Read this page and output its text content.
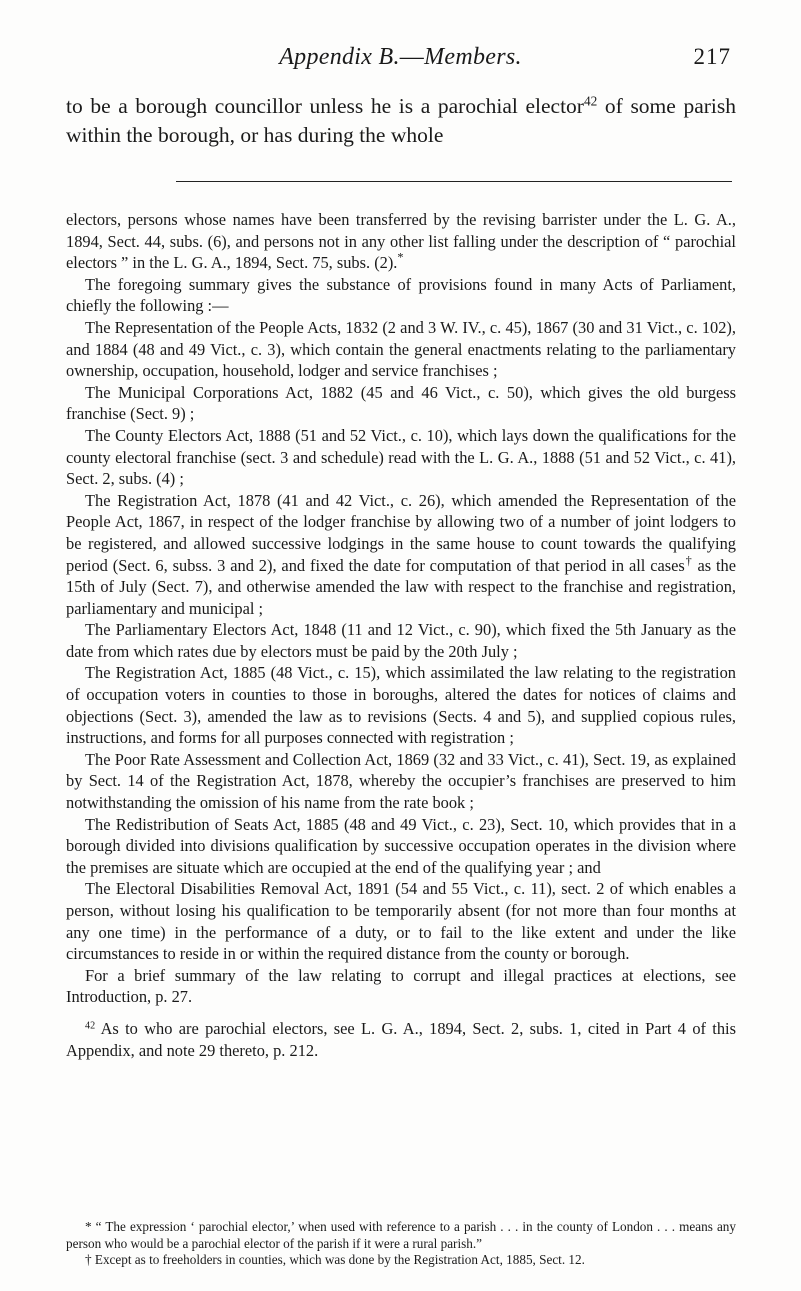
Appendix B.—Members.	217

to be a borough councillor unless he is a parochial elector$^{42}$ of some parish within the borough, or has during the whole

electors, persons whose names have been transferred by the revising barrister under the L. G. A., 1894, Sect. 44, subs. (6), and persons not in any other list falling under the description of “ parochial electors ” in the L. G. A., 1894, Sect. 75, subs. (2).*

The foregoing summary gives the substance of provisions found in many Acts of Parliament, chiefly the following :—

The Representation of the People Acts, 1832 (2 and 3 W. IV., c. 45), 1867 (30 and 31 Vict., c. 102), and 1884 (48 and 49 Vict., c. 3), which contain the general enactments relating to the parliamentary ownership, occupation, household, lodger and service franchises ;

The Municipal Corporations Act, 1882 (45 and 46 Vict., c. 50), which gives the old burgess franchise (Sect. 9) ;

The County Electors Act, 1888 (51 and 52 Vict., c. 10), which lays down the qualifications for the county electoral franchise (sect. 3 and schedule) read with the L. G. A., 1888 (51 and 52 Vict., c. 41), Sect. 2, subs. (4) ;

The Registration Act, 1878 (41 and 42 Vict., c. 26), which amended the Representation of the People Act, 1867, in respect of the lodger franchise by allowing two of a number of joint lodgers to be registered, and allowed successive lodgings in the same house to count towards the qualifying period (Sect. 6, subss. 3 and 2), and fixed the date for computation of that period in all cases† as the 15th of July (Sect. 7), and otherwise amended the law with respect to the franchise and registration, parliamentary and municipal ;

The Parliamentary Electors Act, 1848 (11 and 12 Vict., c. 90), which fixed the 5th January as the date from which rates due by electors must be paid by the 20th July ;

The Registration Act, 1885 (48 Vict., c. 15), which assimilated the law relating to the registration of occupation voters in counties to those in boroughs, altered the dates for notices of claims and objections (Sect. 3), amended the law as to revisions (Sects. 4 and 5), and supplied copious rules, instructions, and forms for all purposes connected with registration ;

The Poor Rate Assessment and Collection Act, 1869 (32 and 33 Vict., c. 41), Sect. 19, as explained by Sect. 14 of the Registration Act, 1878, whereby the occupier’s franchises are preserved to him notwithstanding the omission of his name from the rate book ;

The Redistribution of Seats Act, 1885 (48 and 49 Vict., c. 23), Sect. 10, which provides that in a borough divided into divisions qualification by successive occupation operates in the division where the premises are situate which are occupied at the end of the qualifying year ; and

The Electoral Disabilities Removal Act, 1891 (54 and 55 Vict., c. 11), sect. 2 of which enables a person, without losing his qualification to be temporarily absent (for not more than four months at any one time) in the performance of a duty, or to fail to the like extent and under the like circumstances to reside in or within the required distance from the county or borough.

For a brief summary of the law relating to corrupt and illegal practices at elections, see Introduction, p. 27.

$^{42}$ As to who are parochial electors, see L. G. A., 1894, Sect. 2, subs. 1, cited in Part 4 of this Appendix, and note 29 thereto, p. 212.

* “ The expression ‘ parochial elector,’ when used with reference to a parish . . . in the county of London . . . means any person who would be a parochial elector of the parish if it were a rural parish.”

† Except as to freeholders in counties, which was done by the Registration Act, 1885, Sect. 12.
